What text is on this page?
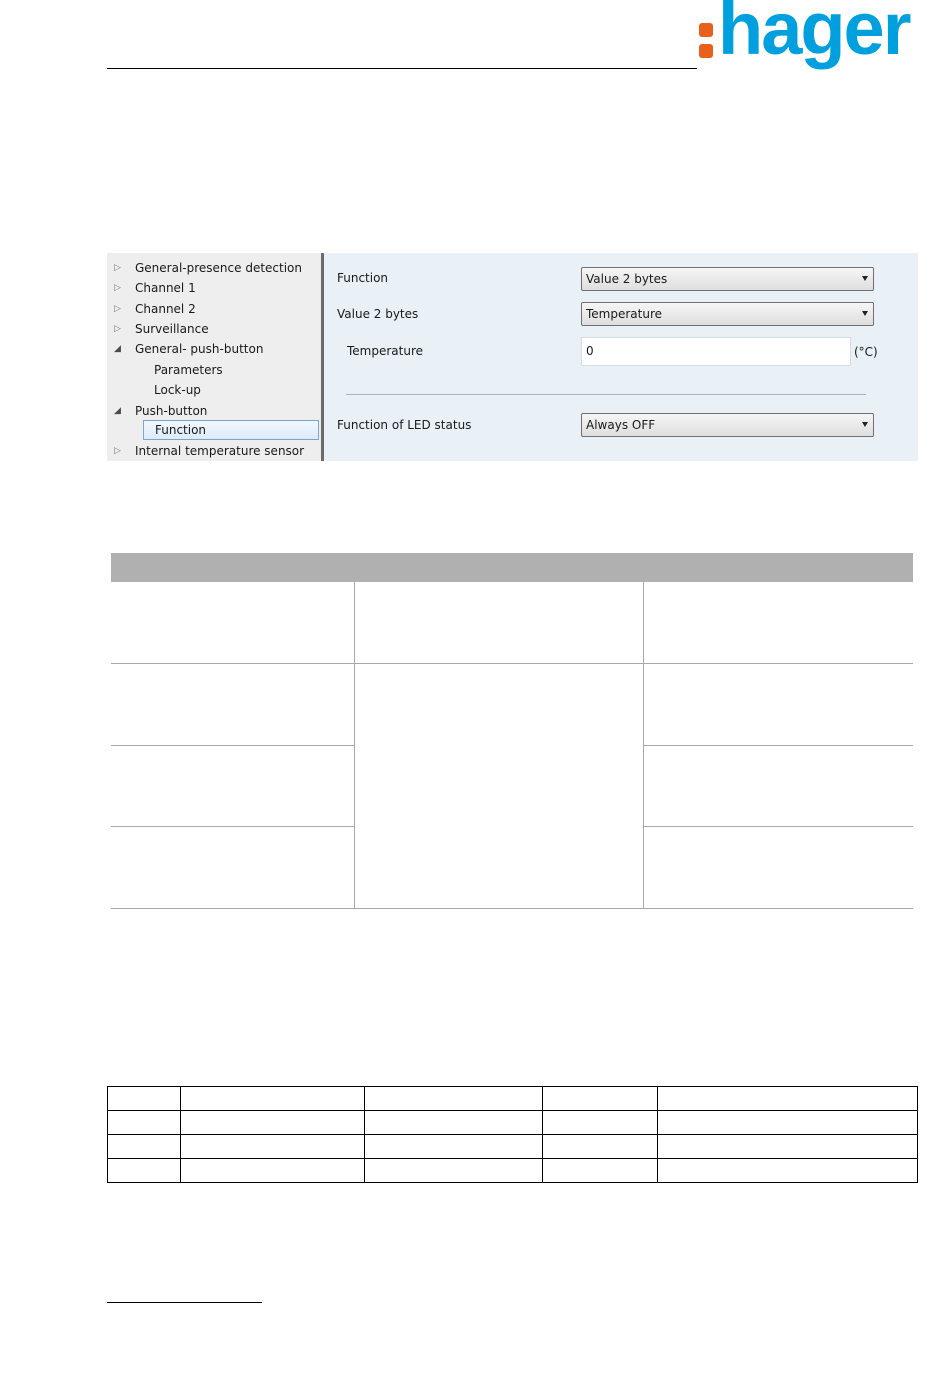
hager
▷ General-presence detection
▷ Channel 1
▷ Channel 2
▷ Surveillance
◢ General- push-button
Parameters
Lock-up
◢ Push-button
Function
▷ Internal temperature sensor
Function	Value 2 bytes
Value 2 bytes	Temperature
Temperature	0	(°C)
Function of LED status	Always OFF
